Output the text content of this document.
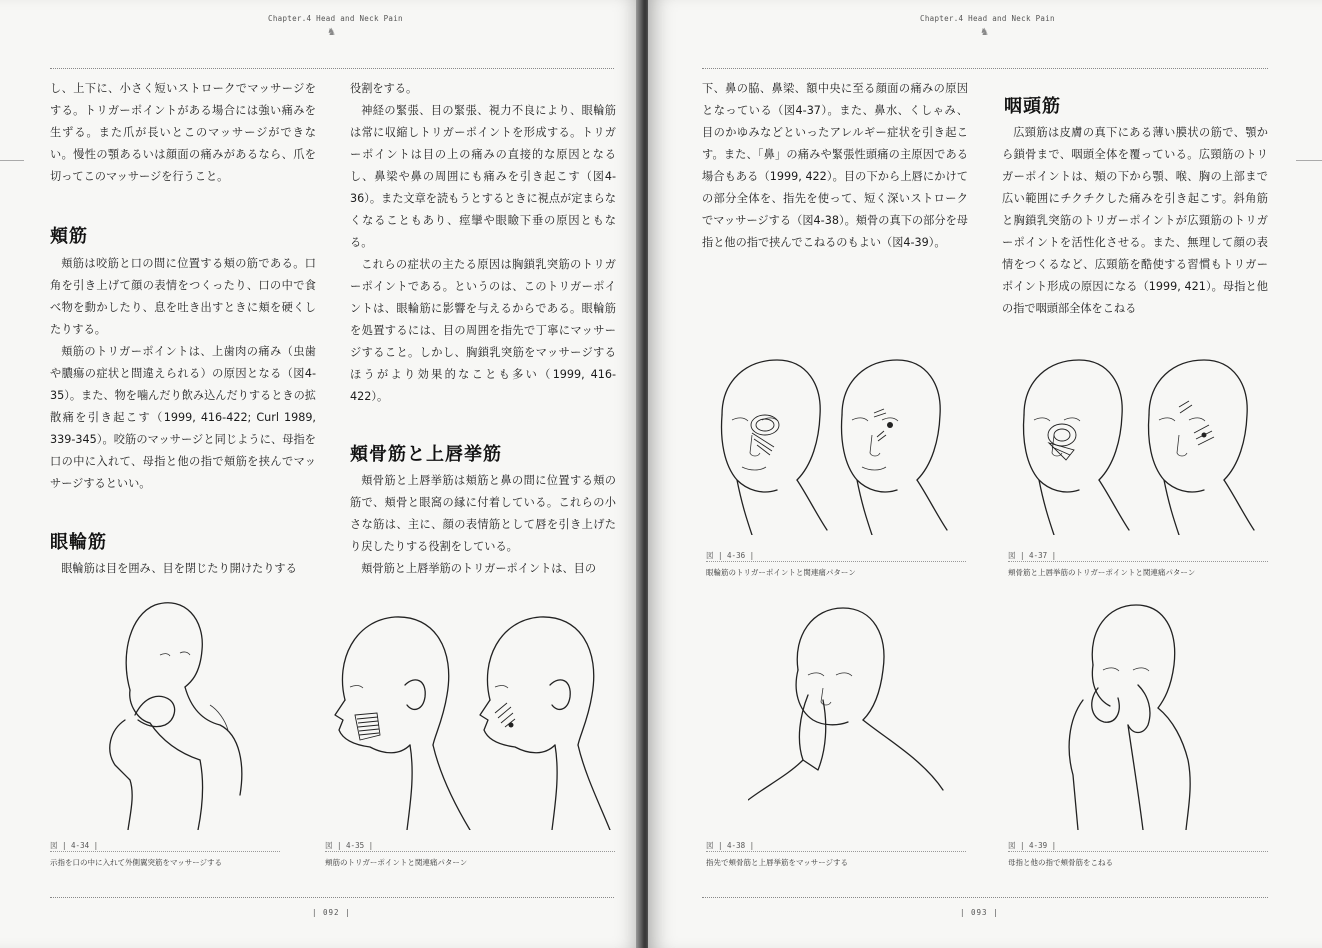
Chapter.4 Head and Neck Pain
♞

し、上下に、小さく短いストロークでマッサージをする。トリガーポイントがある場合には強い痛みを生ずる。また爪が長いとこのマッサージができない。慢性の顎あるいは顔面の痛みがあるなら、爪を切ってこのマッサージを行うこと。

頬筋

頬筋は咬筋と口の間に位置する頬の筋である。口角を引き上げて顔の表情をつくったり、口の中で食べ物を動かしたり、息を吐き出すときに頬を硬くしたりする。

頬筋のトリガーポイントは、上歯肉の痛み（虫歯や膿瘍の症状と間違えられる）の原因となる（図4-35）。また、物を噛んだり飲み込んだりするときの拡散痛を引き起こす（1999, 416-422; Curl 1989, 339-345）。咬筋のマッサージと同じように、母指を口の中に入れて、母指と他の指で頬筋を挟んでマッサージするといい。

眼輪筋

眼輪筋は目を囲み、目を閉じたり開けたりする

役割をする。

神経の緊張、目の緊張、視力不良により、眼輪筋は常に収縮しトリガーポイントを形成する。トリガーポイントは目の上の痛みの直接的な原因となるし、鼻梁や鼻の周囲にも痛みを引き起こす（図4-36）。また文章を読もうとするときに視点が定まらなくなることもあり、痙攣や眼瞼下垂の原因ともなる。

これらの症状の主たる原因は胸鎖乳突筋のトリガーポイントである。というのは、このトリガーポイントは、眼輪筋に影響を与えるからである。眼輪筋を処置するには、目の周囲を指先で丁寧にマッサージすること。しかし、胸鎖乳突筋をマッサージするほうがより効果的なことも多い（1999, 416-422）。

頬骨筋と上唇挙筋

頬骨筋と上唇挙筋は頬筋と鼻の間に位置する頬の筋で、頬骨と眼窩の縁に付着している。これらの小さな筋は、主に、顔の表情筋として唇を引き上げたり戻したりする役割をしている。

頬骨筋と上唇挙筋のトリガーポイントは、目の

図 | 4-34 |
示指を口の中に入れて外側翼突筋をマッサージする
図 | 4-35 |
頬筋のトリガーポイントと関連痛パターン
| 092 |
Chapter.4 Head and Neck Pain
♞

下、鼻の脇、鼻梁、額中央に至る顔面の痛みの原因となっている（図4-37）。また、鼻水、くしゃみ、目のかゆみなどといったアレルギー症状を引き起こす。また、「鼻」の痛みや緊張性頭痛の主原因である場合もある（1999, 422）。目の下から上唇にかけての部分全体を、指先を使って、短く深いストロークでマッサージする（図4-38）。頬骨の真下の部分を母指と他の指で挟んでこねるのもよい（図4-39）。

咽頭筋

広頸筋は皮膚の真下にある薄い膜状の筋で、顎から鎖骨まで、咽頭全体を覆っている。広頸筋のトリガーポイントは、頬の下から顎、喉、胸の上部まで広い範囲にチクチクした痛みを引き起こす。斜角筋と胸鎖乳突筋のトリガーポイントが広頸筋のトリガーポイントを活性化させる。また、無理して顔の表情をつくるなど、広頸筋を酷使する習慣もトリガーポイント形成の原因になる（1999, 421）。母指と他の指で咽頭部全体をこねる

図 | 4-36 |
眼輪筋のトリガーポイントと関連痛パターン
図 | 4-37 |
頬骨筋と上唇挙筋のトリガーポイントと関連痛パターン
図 | 4-38 |
指先で頬骨筋と上唇挙筋をマッサージする
図 | 4-39 |
母指と他の指で頬骨筋をこねる
| 093 |
